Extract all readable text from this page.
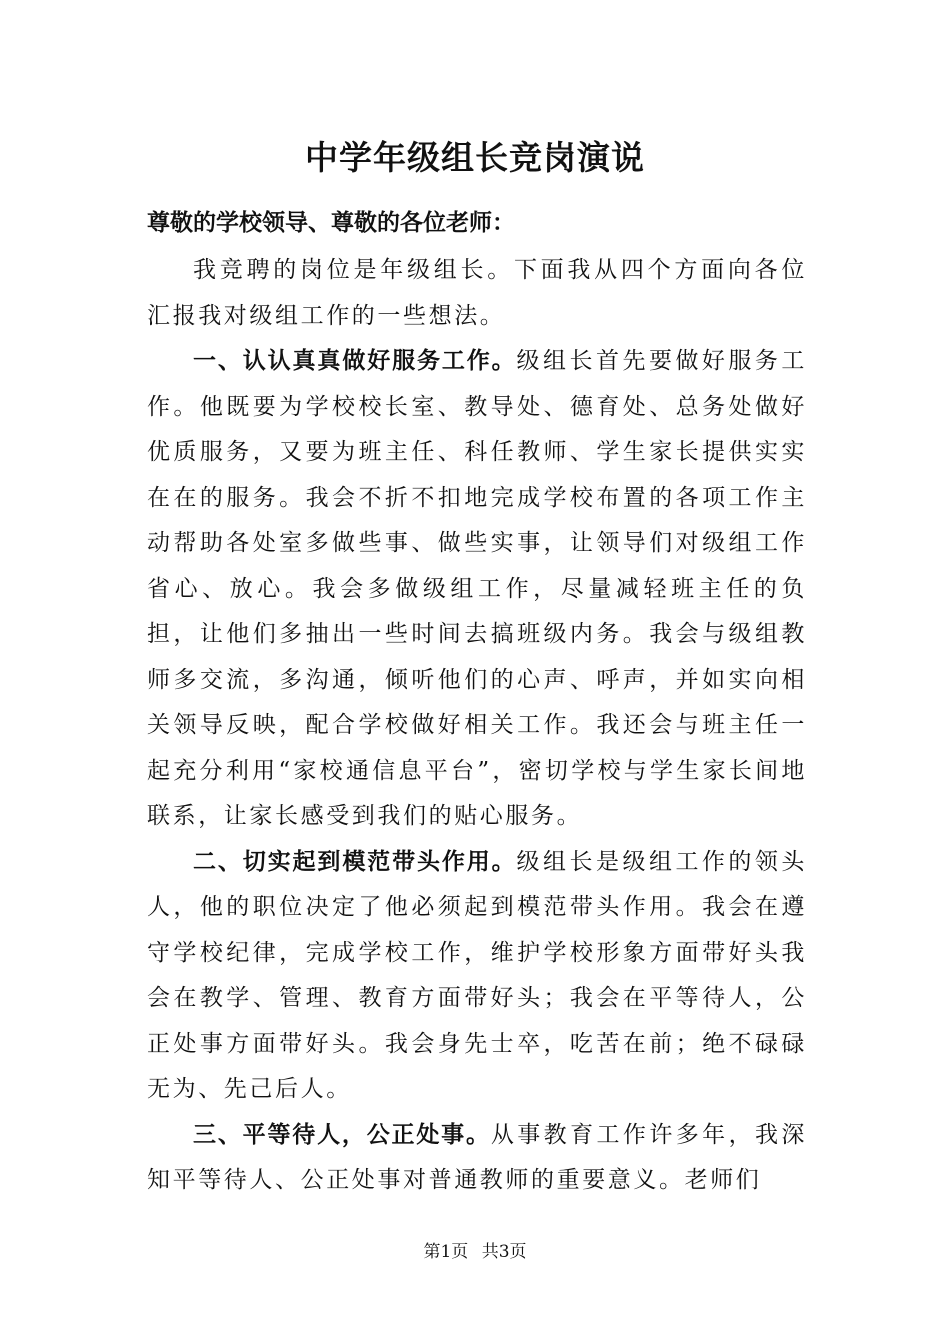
中学年级组长竞岗演说
尊敬的学校领导、尊敬的各位老师：

我竞聘的岗位是年级组长。下面我从四个方面向各位汇报我对级组工作的一些想法。

一、认认真真做好服务工作。级组长首先要做好服务工作。他既要为学校校长室、教导处、德育处、总务处做好优质服务，又要为班主任、科任教师、学生家长提供实实在在的服务。我会不折不扣地完成学校布置的各项工作主动帮助各处室多做些事、做些实事，让领导们对级组工作省心、放心。我会多做级组工作，尽量减轻班主任的负担，让他们多抽出一些时间去搞班级内务。我会与级组教师多交流，多沟通，倾听他们的心声、呼声，并如实向相关领导反映，配合学校做好相关工作。我还会与班主任一起充分利用“家校通信息平台”，密切学校与学生家长间地联系，让家长感受到我们的贴心服务。

二、切实起到模范带头作用。级组长是级组工作的领头人，他的职位决定了他必须起到模范带头作用。我会在遵守学校纪律，完成学校工作，维护学校形象方面带好头我会在教学、管理、教育方面带好头；我会在平等待人，公正处事方面带好头。我会身先士卒，吃苦在前；绝不碌碌无为、先己后人。

三、平等待人，公正处事。从事教育工作许多年，我深知平等待人、公正处事对普通教师的重要意义。老师们

第1页 共3页
